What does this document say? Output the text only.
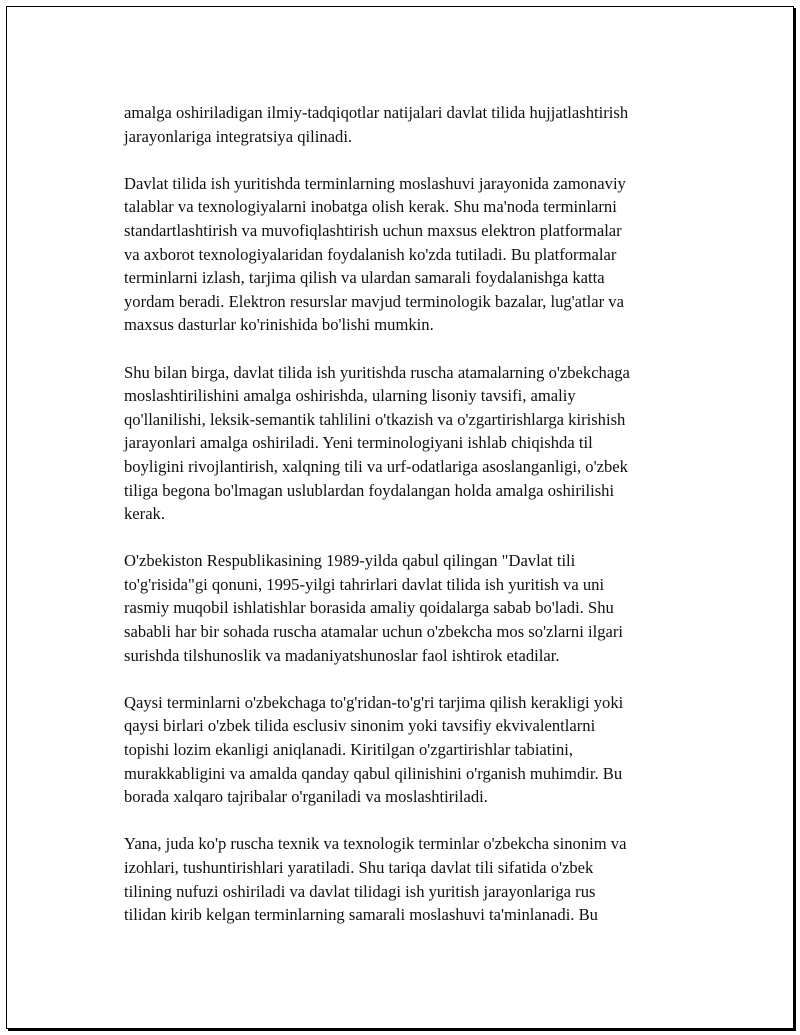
amalga oshiriladigan ilmiy-tadqiqotlar natijalari davlat tilida hujjatlashtirish
jarayonlariga integratsiya qilinadi.

Davlat tilida ish yuritishda terminlarning moslashuvi jarayonida zamonaviy
talablar va texnologiyalarni inobatga olish kerak. Shu ma'noda terminlarni
standartlashtirish va muvofiqlashtirish uchun maxsus elektron platformalar
va axborot texnologiyalaridan foydalanish ko'zda tutiladi. Bu platformalar
terminlarni izlash, tarjima qilish va ulardan samarali foydalanishga katta
yordam beradi. Elektron resurslar mavjud terminologik bazalar, lug'atlar va
maxsus dasturlar ko'rinishida bo'lishi mumkin.

Shu bilan birga, davlat tilida ish yuritishda ruscha atamalarning o'zbekchaga
moslashtirilishini amalga oshirishda, ularning lisoniy tavsifi, amaliy
qo'llanilishi, leksik-semantik tahlilini o'tkazish va o'zgartirishlarga kirishish
jarayonlari amalga oshiriladi. Yeni terminologiyani ishlab chiqishda til
boyligini rivojlantirish, xalqning tili va urf-odatlariga asoslanganligi, o'zbek
tiliga begona bo'lmagan uslublardan foydalangan holda amalga oshirilishi
kerak.

O'zbekiston Respublikasining 1989-yilda qabul qilingan "Davlat tili
to'g'risida"gi qonuni, 1995-yilgi tahrirlari davlat tilida ish yuritish va uni
rasmiy muqobil ishlatishlar borasida amaliy qoidalarga sabab bo'ladi. Shu
sababli har bir sohada ruscha atamalar uchun o'zbekcha mos so'zlarni ilgari
surishda tilshunoslik va madaniyatshunoslar faol ishtirok etadilar.

Qaysi terminlarni o'zbekchaga to'g'ridan-to'g'ri tarjima qilish kerakligi yoki
qaysi birlari o'zbek tilida esclusiv sinonim yoki tavsifiy ekvivalentlarni
topishi lozim ekanligi aniqlanadi. Kiritilgan o'zgartirishlar tabiatini,
murakkabligini va amalda qanday qabul qilinishini o'rganish muhimdir. Bu
borada xalqaro tajribalar o'rganiladi va moslashtiriladi.

Yana, juda ko'p ruscha texnik va texnologik terminlar o'zbekcha sinonim va
izohlari, tushuntirishlari yaratiladi. Shu tariqa davlat tili sifatida o'zbek
tilining nufuzi oshiriladi va davlat tilidagi ish yuritish jarayonlariga rus
tilidan kirib kelgan terminlarning samarali moslashuvi ta'minlanadi. Bu
